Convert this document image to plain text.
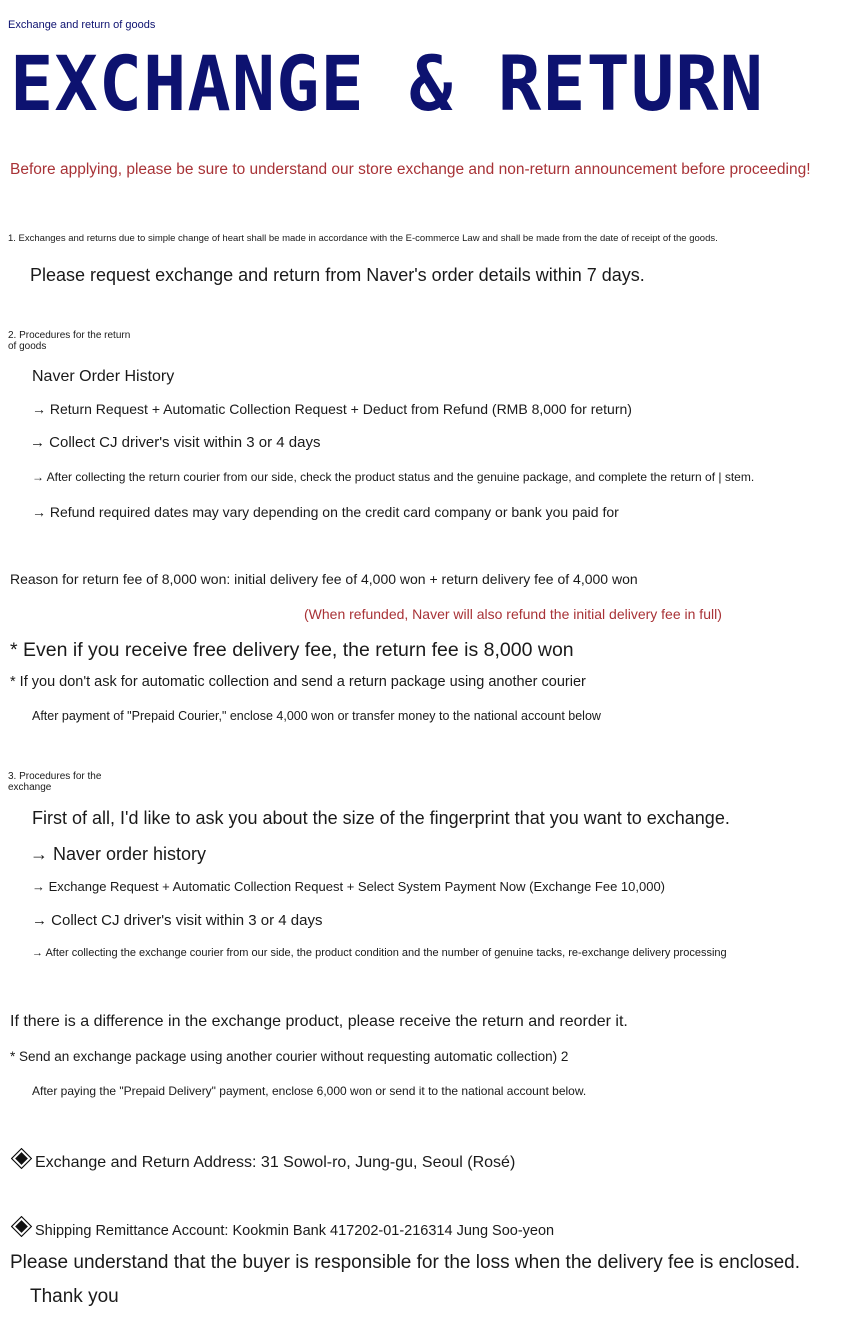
Exchange and return of goods

EXCHANGE & RETURN

Before applying, please be sure to understand our store exchange and non-return announcement before proceeding!

1. Exchanges and returns due to simple change of heart shall be made in accordance with the E-commerce Law and shall be made from the date of receipt of the goods.

Please request exchange and return from Naver's order details within 7 days.

2. Procedures for the return of goods

Naver Order History

→ Return Request + Automatic Collection Request + Deduct from Refund (RMB 8,000 for return)

→ Collect CJ driver's visit within 3 or 4 days

→ After collecting the return courier from our side, check the product status and the genuine package, and complete the return of | stem.

→ Refund required dates may vary depending on the credit card company or bank you paid for

Reason for return fee of 8,000 won: initial delivery fee of 4,000 won + return delivery fee of 4,000 won

(When refunded, Naver will also refund the initial delivery fee in full)

* Even if you receive free delivery fee, the return fee is 8,000 won

* If you don't ask for automatic collection and send a return package using another courier

After payment of "Prepaid Courier," enclose 4,000 won or transfer money to the national account below

3. Procedures for the exchange

First of all, I'd like to ask you about the size of the fingerprint that you want to exchange.

→ Naver order history

→ Exchange Request + Automatic Collection Request + Select System Payment Now (Exchange Fee 10,000)

→ Collect CJ driver's visit within 3 or 4 days

→ After collecting the exchange courier from our side, the product condition and the number of genuine tacks, re-exchange delivery processing

If there is a difference in the exchange product, please receive the return and reorder it.

* Send an exchange package using another courier without requesting automatic collection) 2

After paying the "Prepaid Delivery" payment, enclose 6,000 won or send it to the national account below.

Exchange and Return Address: 31 Sowol-ro, Jung-gu, Seoul (Rosé)

Shipping Remittance Account: Kookmin Bank 417202-01-216314 Jung Soo-yeon

Please understand that the buyer is responsible for the loss when the delivery fee is enclosed.

Thank you
